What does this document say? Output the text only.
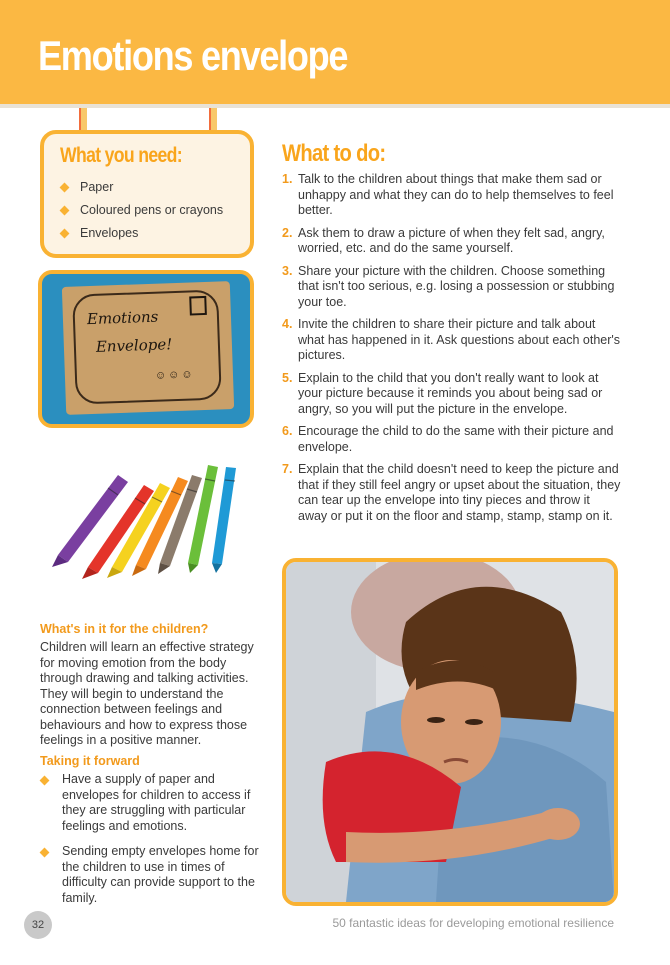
Emotions envelope
What you need:
Paper
Coloured pens or crayons
Envelopes
Emotions
Envelope!
☺☺☺
What's in it for the children?

Children will learn an effective strategy for moving emotion from the body through drawing and talking activities. They will begin to understand the connection between feelings and behaviours and how to express those feelings in a positive manner.

Taking it forward
Have a supply of paper and envelopes for children to access if they are struggling with particular feelings and emotions.
Sending empty envelopes home for the children to use in times of difficulty can provide support to the family.
What to do:
1. Talk to the children about things that make them sad or unhappy and what they can do to help themselves to feel better.
2. Ask them to draw a picture of when they felt sad, angry, worried, etc. and do the same yourself.
3. Share your picture with the children. Choose something that isn't too serious, e.g. losing a possession or stubbing your toe.
4. Invite the children to share their picture and talk about what has happened in it. Ask questions about each other's pictures.
5. Explain to the child that you don't really want to look at your picture because it reminds you about being sad or angry, so you will put the picture in the envelope.
6. Encourage the child to do the same with their picture and envelope.
7. Explain that the child doesn't need to keep the picture and that if they still feel angry or upset about the situation, they can tear up the envelope into tiny pieces and throw it away or put it on the floor and stamp, stamp, stamp on it.
32	50 fantastic ideas for developing emotional resilience
